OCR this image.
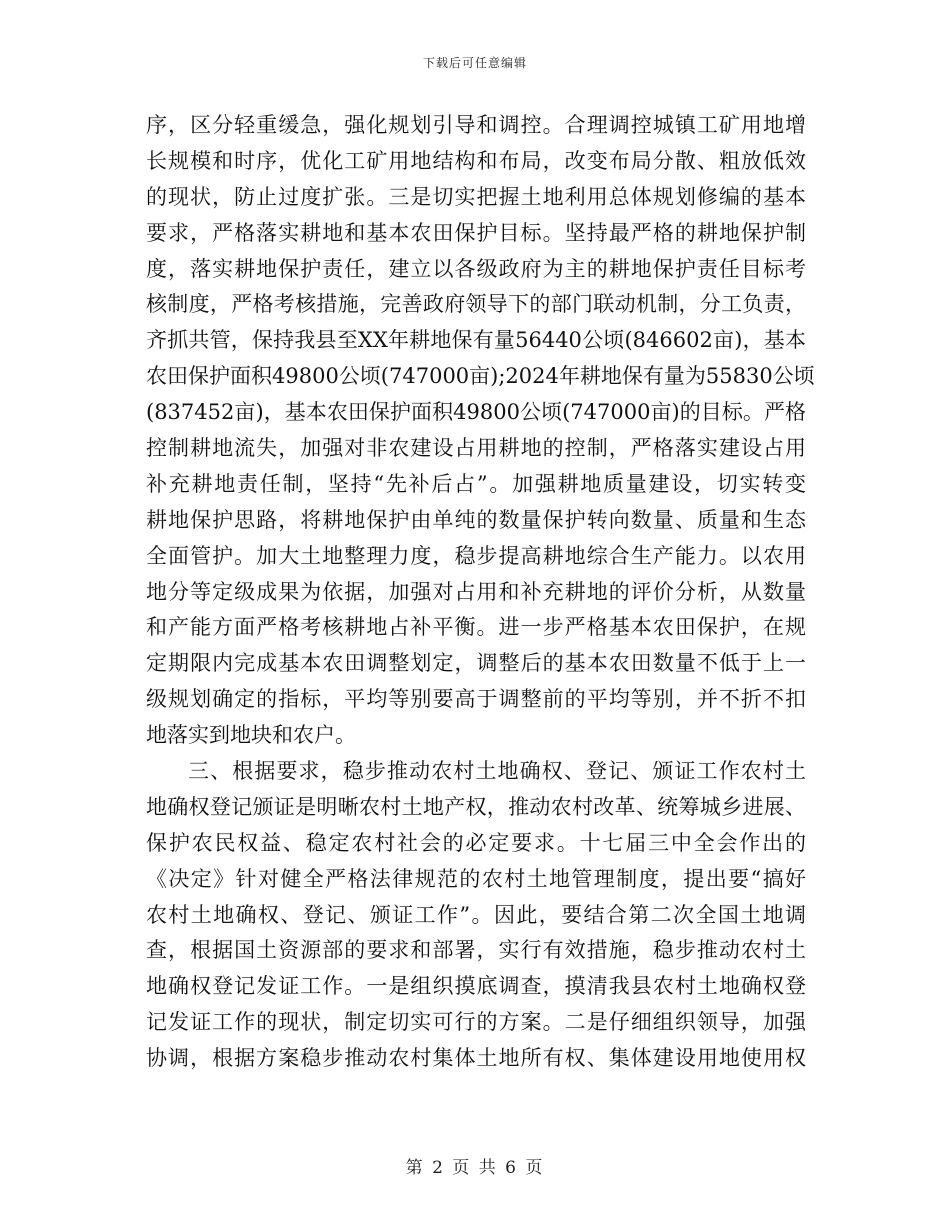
下载后可任意编辑
序，区分轻重缓急，强化规划引导和调控。合理调控城镇工矿用地增
长规模和时序，优化工矿用地结构和布局，改变布局分散、粗放低效
的现状，防止过度扩张。三是切实把握土地利用总体规划修编的基本
要求，严格落实耕地和基本农田保护目标。坚持最严格的耕地保护制
度，落实耕地保护责任，建立以各级政府为主的耕地保护责任目标考
核制度，严格考核措施，完善政府领导下的部门联动机制，分工负责，
齐抓共管，保持我县至XX年耕地保有量56440公顷(846602亩)，基本
农田保护面积49800公顷(747000亩);2024年耕地保有量为55830公顷
(837452亩)，基本农田保护面积49800公顷(747000亩)的目标。严格
控制耕地流失，加强对非农建设占用耕地的控制，严格落实建设占用
补充耕地责任制，坚持“先补后占”。加强耕地质量建设，切实转变
耕地保护思路，将耕地保护由单纯的数量保护转向数量、质量和生态
全面管护。加大土地整理力度，稳步提高耕地综合生产能力。以农用
地分等定级成果为依据，加强对占用和补充耕地的评价分析，从数量
和产能方面严格考核耕地占补平衡。进一步严格基本农田保护，在规
定期限内完成基本农田调整划定，调整后的基本农田数量不低于上一
级规划确定的指标，平均等别要高于调整前的平均等别，并不折不扣
地落实到地块和农户。
三、根据要求，稳步推动农村土地确权、登记、颁证工作农村土
地确权登记颁证是明晰农村土地产权，推动农村改革、统筹城乡进展、
保护农民权益、稳定农村社会的必定要求。十七届三中全会作出的
《决定》针对健全严格法律规范的农村土地管理制度，提出要“搞好
农村土地确权、登记、颁证工作”。因此，要结合第二次全国土地调
查，根据国土资源部的要求和部署，实行有效措施，稳步推动农村土
地确权登记发证工作。一是组织摸底调查，摸清我县农村土地确权登
记发证工作的现状，制定切实可行的方案。二是仔细组织领导，加强
协调，根据方案稳步推动农村集体土地所有权、集体建设用地使用权
第 2 页 共 6 页
